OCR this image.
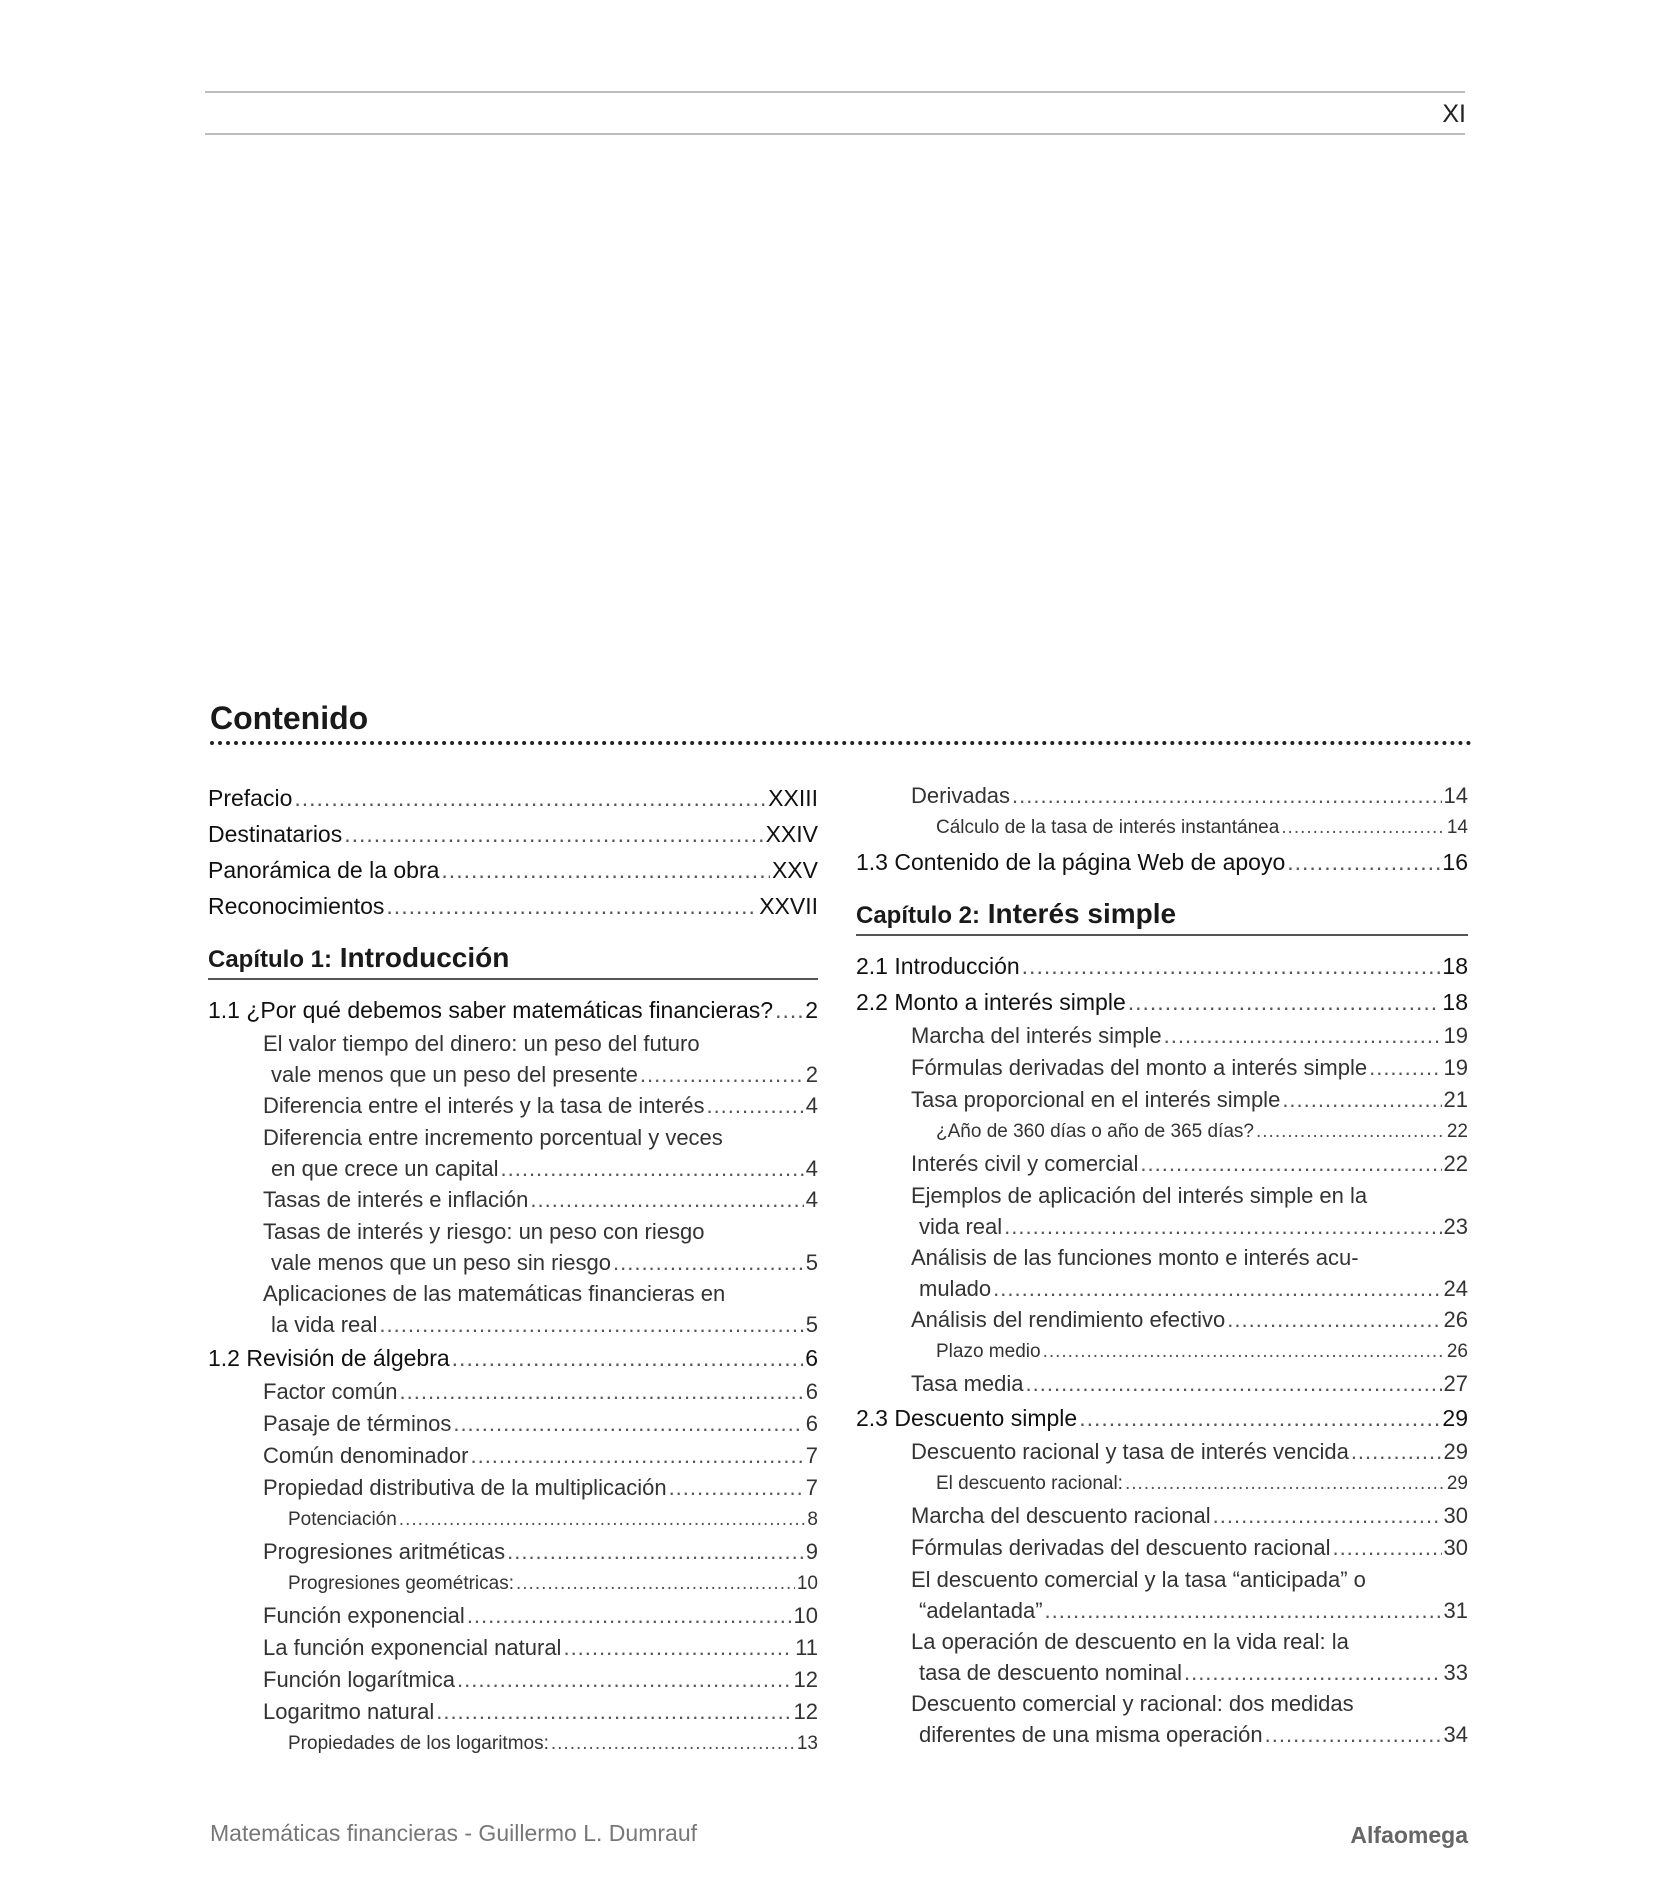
XI
Contenido
Prefacio .....	XXIII
Destinatarios .....	XXIV
Panorámica de la obra .....	XXV
Reconocimientos .....	XXVII
Capítulo 1: Introducción
1.1 ¿Por qué debemos saber matemáticas financieras? ..... 2
El valor tiempo del dinero: un peso del futuro
vale menos que un peso del presente .....	2
Diferencia entre el interés y la tasa de interés .....	4
Diferencia entre incremento porcentual y veces
en que crece un capital .....	4
Tasas de interés e inflación .....	4
Tasas de interés y riesgo: un peso con riesgo
vale menos que un peso sin riesgo .....	5
Aplicaciones de las matemáticas financieras en
la vida real .....	5
1.2 Revisión de álgebra .....	6
Factor común .....	6
Pasaje de términos .....	6
Común denominador .....	7
Propiedad distributiva de la multiplicación .....	7
Potenciación .....	8
Progresiones aritméticas .....	9
Progresiones geométricas: .....	10
Función exponencial .....	10
La función exponencial natural .....	11
Función logarítmica .....	12
Logaritmo natural .....	12
Propiedades de los logaritmos: .....	13
Derivadas .....	14
Cálculo de la tasa de interés instantánea .....	14
1.3 Contenido de la página Web de apoyo .....	16
Capítulo 2: Interés simple
2.1 Introducción .....	18
2.2 Monto a interés simple .....	18
Marcha del interés simple .....	19
Fórmulas derivadas del monto a interés simple .....	19
Tasa proporcional en el interés simple .....	21
¿Año de 360 días o año de 365 días? .....	22
Interés civil y comercial .....	22
Ejemplos de aplicación del interés simple en la
vida real .....	23
Análisis de las funciones monto e interés acu-
mulado .....	24
Análisis del rendimiento efectivo .....	26
Plazo medio .....	26
Tasa media .....	27
2.3 Descuento simple .....	29
Descuento racional y tasa de interés vencida .....	29
El descuento racional: .....	29
Marcha del descuento racional .....	30
Fórmulas derivadas del descuento racional .....	30
El descuento comercial y la tasa “anticipada” o
“adelantada” .....	31
La operación de descuento en la vida real: la
tasa de descuento nominal .....	33
Descuento comercial y racional: dos medidas
diferentes de una misma operación .....	34
Matemáticas financieras - Guillermo L. Dumrauf	Alfaomega
